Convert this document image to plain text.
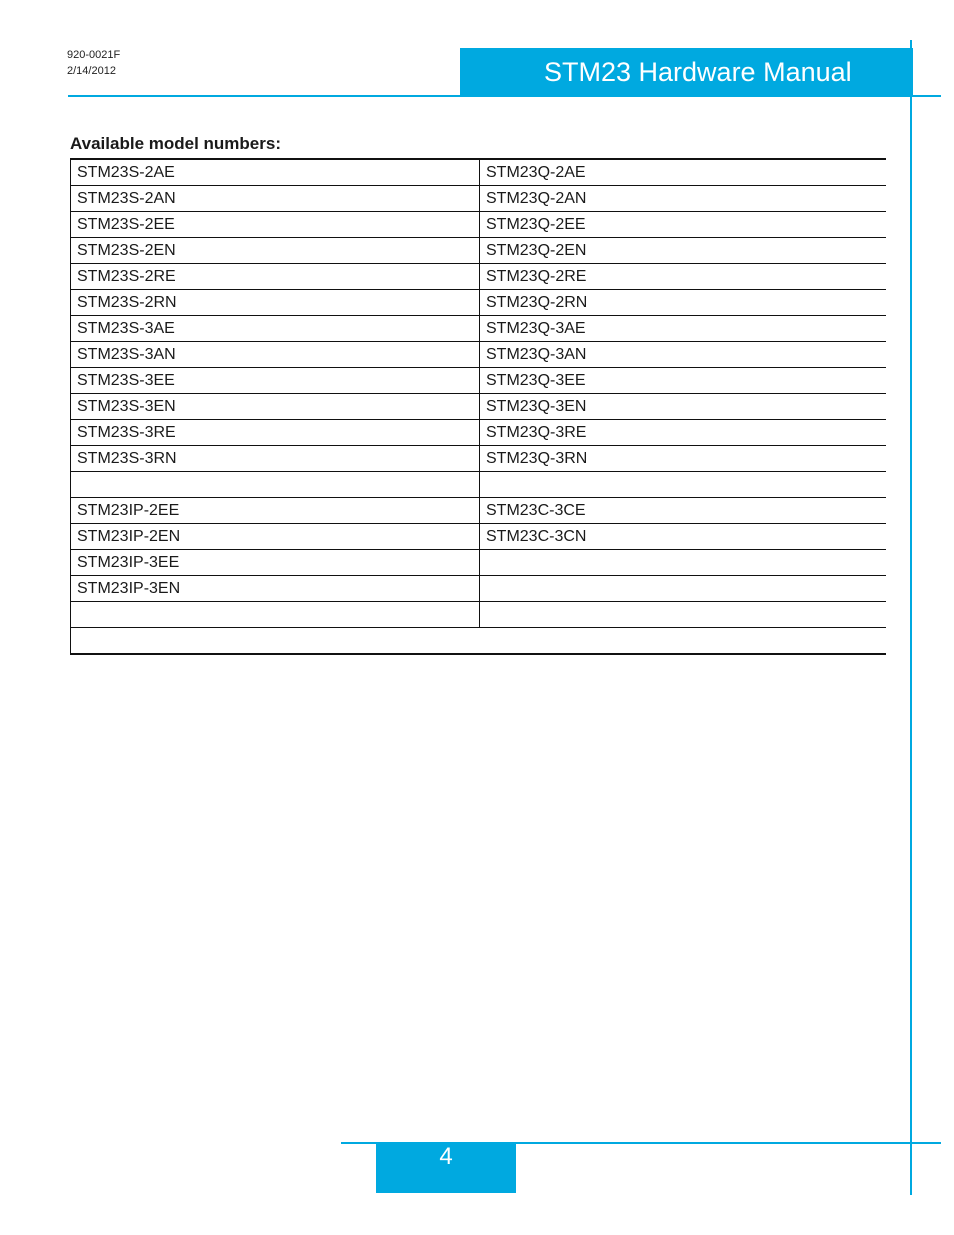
920-0021F
2/14/2012	STM23 Hardware Manual
Available model numbers:
STM23S-2AE	STM23Q-2AE
STM23S-2AN	STM23Q-2AN
STM23S-2EE	STM23Q-2EE
STM23S-2EN	STM23Q-2EN
STM23S-2RE	STM23Q-2RE
STM23S-2RN	STM23Q-2RN
STM23S-3AE	STM23Q-3AE
STM23S-3AN	STM23Q-3AN
STM23S-3EE	STM23Q-3EE
STM23S-3EN	STM23Q-3EN
STM23S-3RE	STM23Q-3RE
STM23S-3RN	STM23Q-3RN

STM23IP-2EE	STM23C-3CE
STM23IP-2EN	STM23C-3CN
STM23IP-3EE	
STM23IP-3EN	

4
